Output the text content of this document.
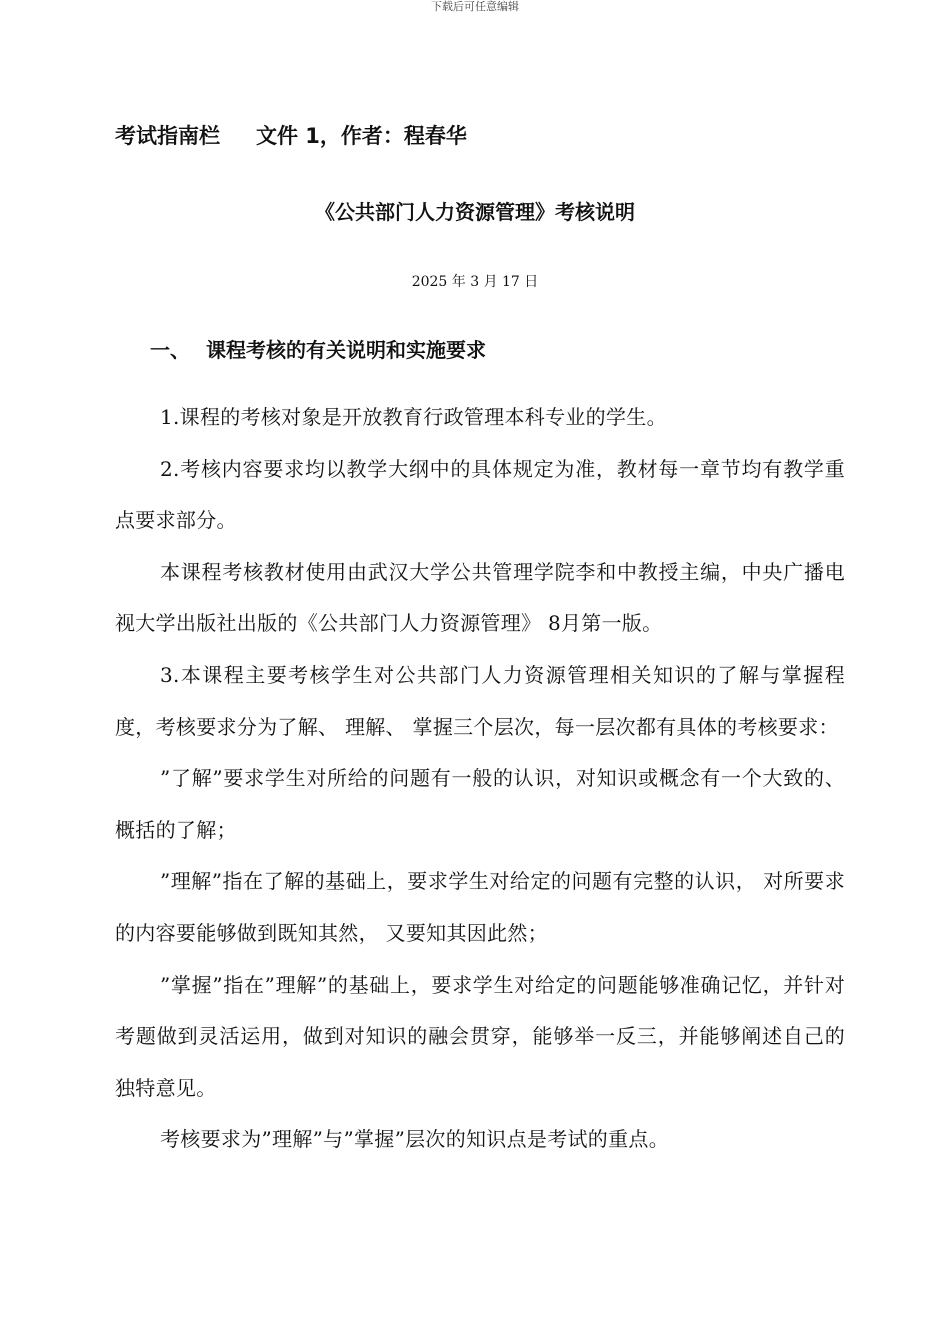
下载后可任意编辑
考试指南栏 文件 1，作者：程春华
《公共部门人力资源管理》考核说明
2025 年 3 月 17 日
一、 课程考核的有关说明和实施要求

1.课程的考核对象是开放教育行政管理本科专业的学生。

2.考核内容要求均以教学大纲中的具体规定为准，教材每一章节均有教学重点要求部分。

本课程考核教材使用由武汉大学公共管理学院李和中教授主编，中央广播电视大学出版社出版的《公共部门人力资源管理》 8月第一版。

3.本课程主要考核学生对公共部门人力资源管理相关知识的了解与掌握程度，考核要求分为了解、 理解、 掌握三个层次，每一层次都有具体的考核要求：

”了解”要求学生对所给的问题有一般的认识，对知识或概念有一个大致的、 概括的了解；

”理解”指在了解的基础上，要求学生对给定的问题有完整的认识， 对所要求的内容要能够做到既知其然， 又要知其因此然；

”掌握”指在”理解”的基础上，要求学生对给定的问题能够准确记忆，并针对考题做到灵活运用，做到对知识的融会贯穿，能够举一反三，并能够阐述自己的独特意见。

考核要求为”理解”与”掌握”层次的知识点是考试的重点。
